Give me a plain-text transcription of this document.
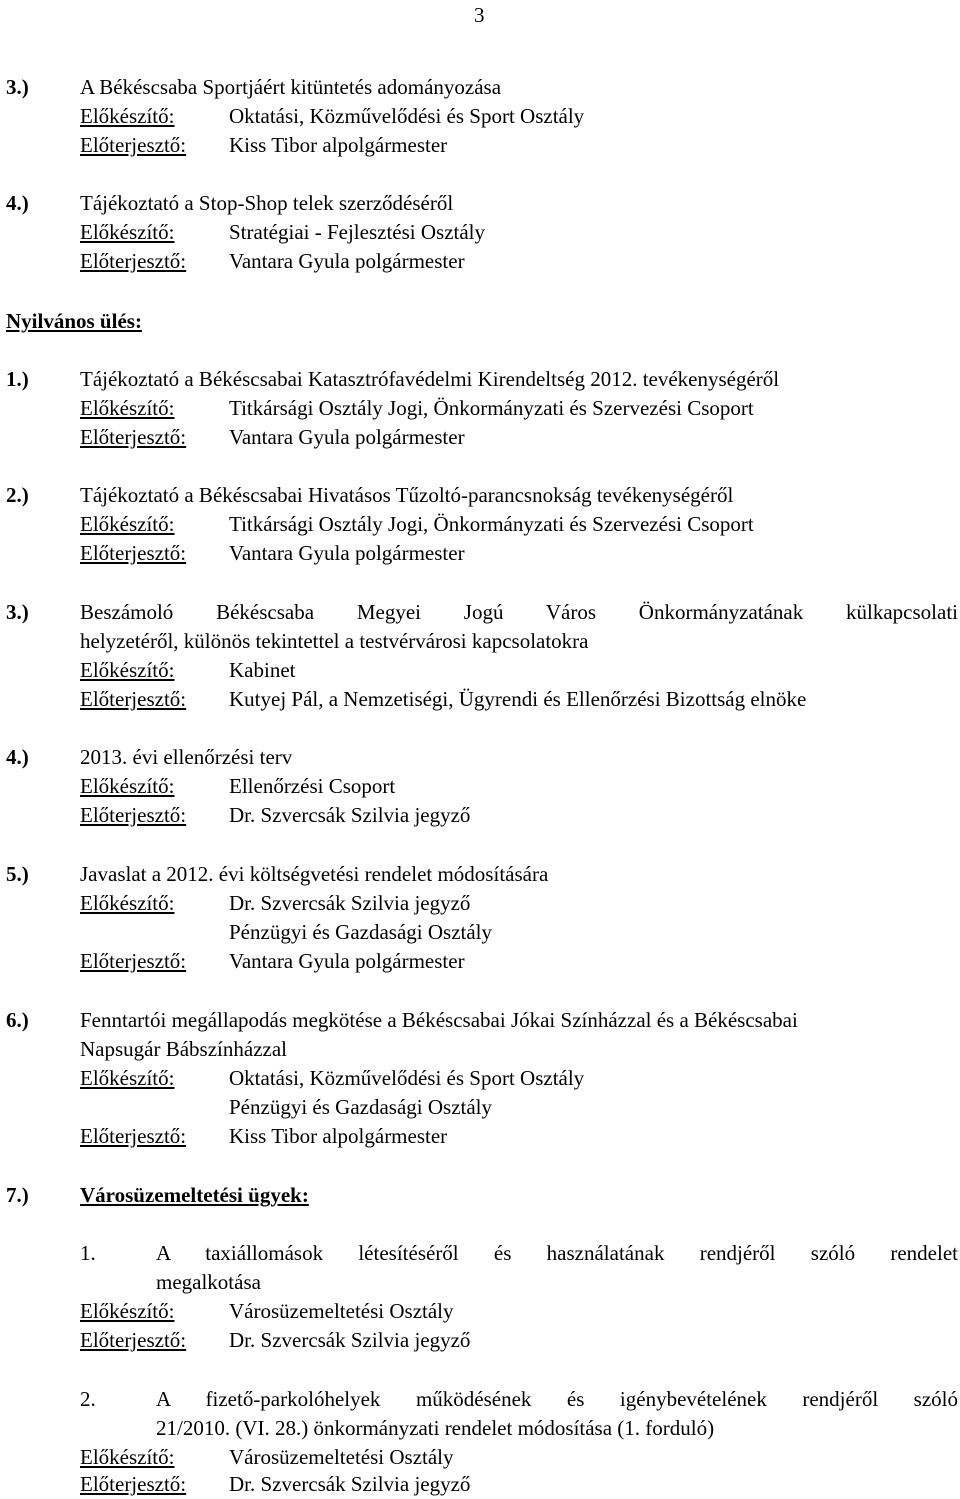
3
3.) A Békéscsaba Sportjáért kitüntetés adományozása
Előkészítő:	Oktatási, Közművelődési és Sport Osztály
Előterjesztő: Kiss Tibor alpolgármester
4.) Tájékoztató a Stop-Shop telek szerződéséről
Előkészítő:	Stratégiai - Fejlesztési Osztály
Előterjesztő: Vantara Gyula polgármester
Nyilvános ülés:
1.) Tájékoztató a Békéscsabai Katasztrófavédelmi Kirendeltség 2012. tevékenységéről
Előkészítő:	Titkársági Osztály Jogi, Önkormányzati és Szervezési Csoport
Előterjesztő: Vantara Gyula polgármester
2.) Tájékoztató a Békéscsabai Hivatásos Tűzoltó-parancsnokság tevékenységéről
Előkészítő:	Titkársági Osztály Jogi, Önkormányzati és Szervezési Csoport
Előterjesztő: Vantara Gyula polgármester
3.) Beszámoló Békéscsaba Megyei Jogú Város Önkormányzatának külkapcsolati
helyzetéről, különös tekintettel a testvérvárosi kapcsolatokra
Előkészítő:	Kabinet
Előterjesztő: Kutyej Pál, a Nemzetiségi, Ügyrendi és Ellenőrzési Bizottság elnöke
4.) 2013. évi ellenőrzési terv
Előkészítő:	Ellenőrzési Csoport
Előterjesztő: Dr. Szvercsák Szilvia jegyző
5.) Javaslat a 2012. évi költségvetési rendelet módosítására
Előkészítő:	Dr. Szvercsák Szilvia jegyző
Pénzügyi és Gazdasági Osztály
Előterjesztő: Vantara Gyula polgármester
6.) Fenntartói megállapodás megkötése a Békéscsabai Jókai Színházzal és a Békéscsabai
Napsugár Bábszínházzal
Előkészítő:	Oktatási, Közművelődési és Sport Osztály
Pénzügyi és Gazdasági Osztály
Előterjesztő: Kiss Tibor alpolgármester
7.) Városüzemeltetési ügyek:
1.	A taxiállomások létesítéséről és használatának rendjéről szóló rendelet
megalkotása
Előkészítő:	Városüzemeltetési Osztály
Előterjesztő: Dr. Szvercsák Szilvia jegyző
2.	A fizető-parkolóhelyek működésének és igénybevételének rendjéről szóló
21/2010. (VI. 28.) önkormányzati rendelet módosítása (1. forduló)
Előkészítő:	Városüzemeltetési Osztály
Előterjesztő: Dr. Szvercsák Szilvia jegyző
